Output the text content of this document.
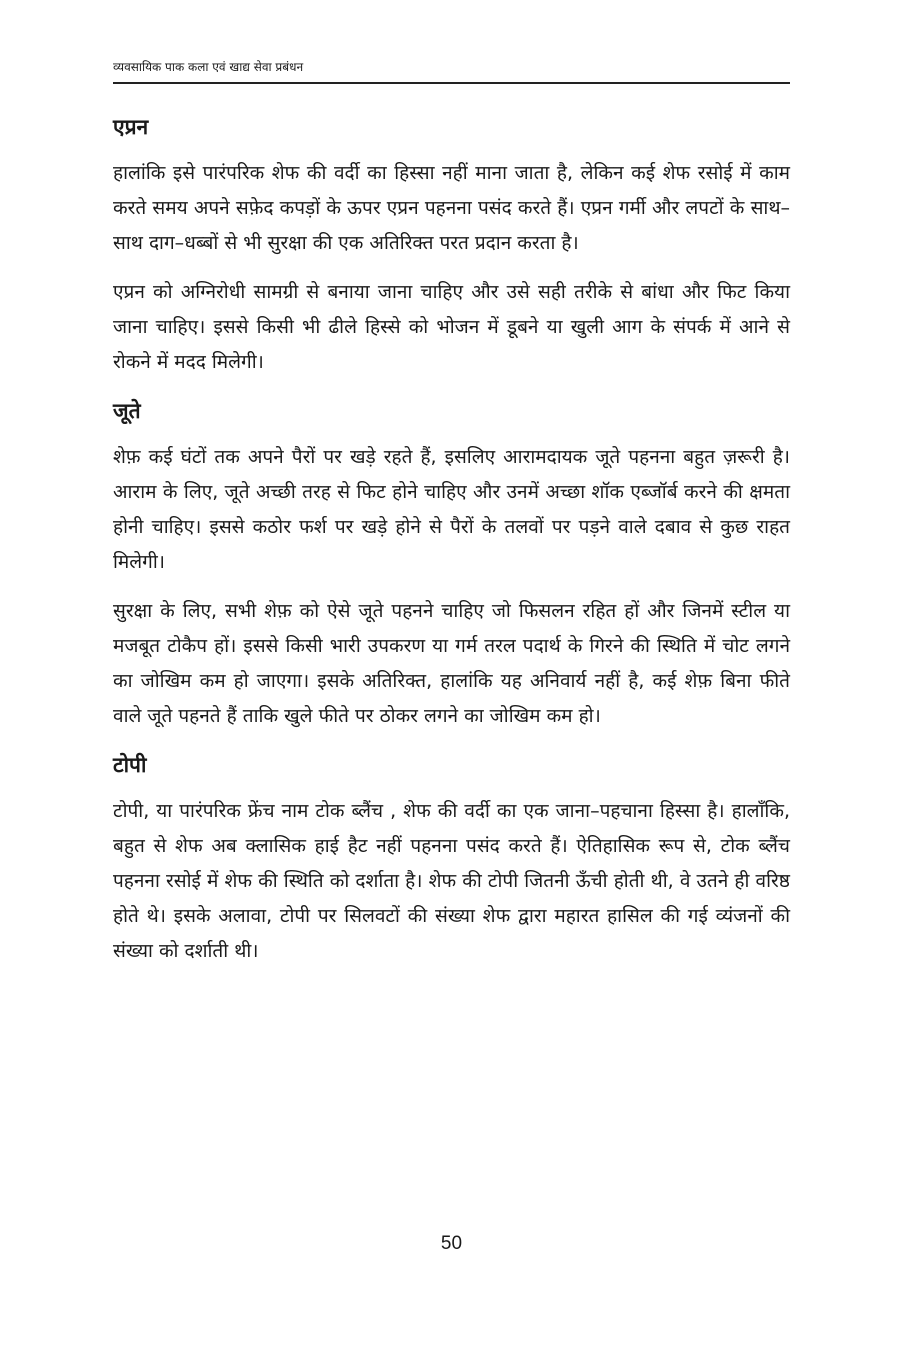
व्यवसायिक पाक कला एवं खाद्य सेवा प्रबंधन
एप्रन

हालांकि इसे पारंपरिक शेफ की वर्दी का हिस्सा नहीं माना जाता है, लेकिन कई शेफ रसोई में काम करते समय अपने सफ़ेद कपड़ों के ऊपर एप्रन पहनना पसंद करते हैं। एप्रन गर्मी और लपटों के साथ–साथ दाग–धब्बों से भी सुरक्षा की एक अतिरिक्त परत प्रदान करता है।

एप्रन को अग्निरोधी सामग्री से बनाया जाना चाहिए और उसे सही तरीके से बांधा और फिट किया जाना चाहिए। इससे किसी भी ढीले हिस्से को भोजन में डूबने या खुली आग के संपर्क में आने से रोकने में मदद मिलेगी।

जूते

शेफ़ कई घंटों तक अपने पैरों पर खड़े रहते हैं, इसलिए आरामदायक जूते पहनना बहुत ज़रूरी है। आराम के लिए, जूते अच्छी तरह से फिट होने चाहिए और उनमें अच्छा शॉक एब्जॉर्ब करने की क्षमता होनी चाहिए। इससे कठोर फर्श पर खड़े होने से पैरों के तलवों पर पड़ने वाले दबाव से कुछ राहत मिलेगी।

सुरक्षा के लिए, सभी शेफ़ को ऐसे जूते पहनने चाहिए जो फिसलन रहित हों और जिनमें स्टील या मजबूत टोकैप हों। इससे किसी भारी उपकरण या गर्म तरल पदार्थ के गिरने की स्थिति में चोट लगने का जोखिम कम हो जाएगा। इसके अतिरिक्त, हालांकि यह अनिवार्य नहीं है, कई शेफ़ बिना फीते वाले जूते पहनते हैं ताकि खुले फीते पर ठोकर लगने का जोखिम कम हो।

टोपी

टोपी, या पारंपरिक फ्रेंच नाम टोक ब्लैंच , शेफ की वर्दी का एक जाना–पहचाना हिस्सा है। हालाँकि, बहुत से शेफ अब क्लासिक हाई हैट नहीं पहनना पसंद करते हैं। ऐतिहासिक रूप से, टोक ब्लैंच पहनना रसोई में शेफ की स्थिति को दर्शाता है। शेफ की टोपी जितनी ऊँची होती थी, वे उतने ही वरिष्ठ होते थे। इसके अलावा, टोपी पर सिलवटों की संख्या शेफ द्वारा महारत हासिल की गई व्यंजनों की संख्या को दर्शाती थी।

50
